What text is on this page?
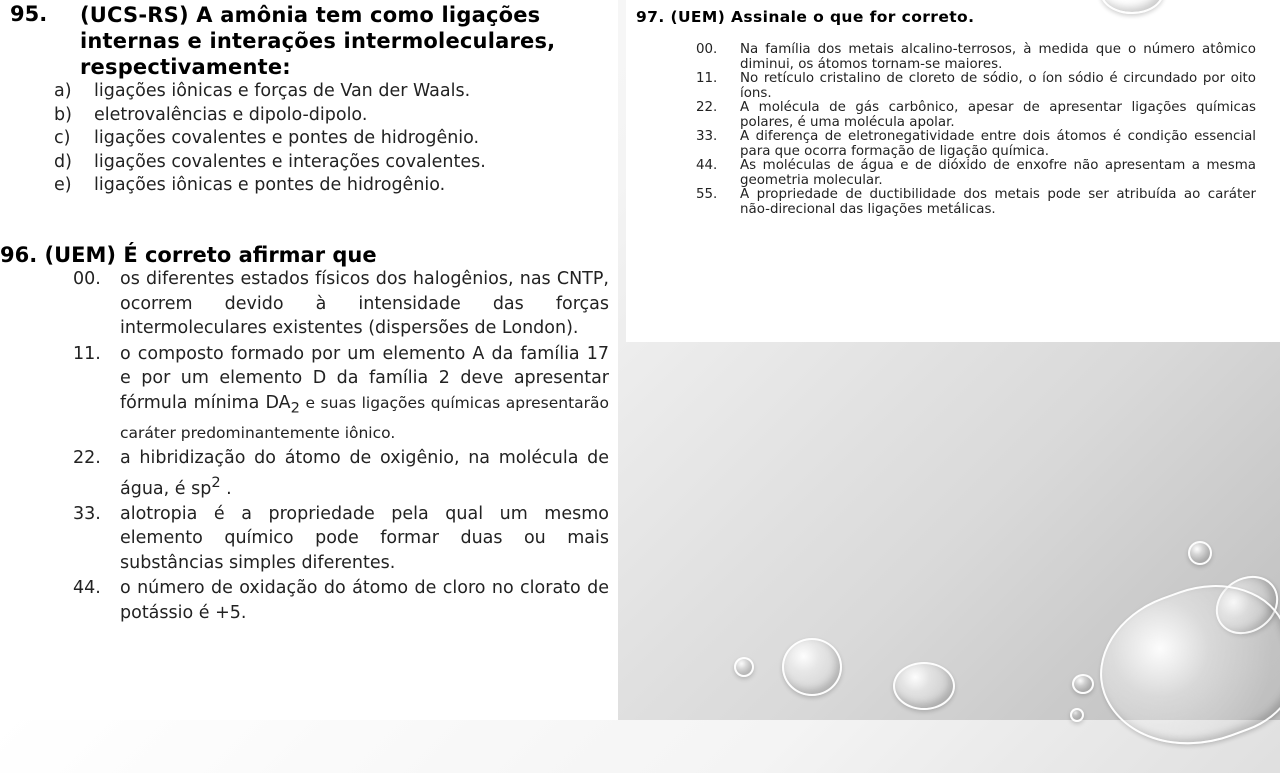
95. (UCS-RS) A amônia tem como ligações internas e interações intermoleculares, respectivamente:
a) ligações iônicas e forças de Van der Waals.
b) eletrovalências e dipolo-dipolo.
c) ligações covalentes e pontes de hidrogênio.
d) ligações covalentes e interações covalentes.
e) ligações iônicas e pontes de hidrogênio.
96. (UEM) É correto afirmar que
00. os diferentes estados físicos dos halogênios, nas CNTP, ocorrem devido à intensidade das forças intermoleculares existentes (dispersões de London).
11. o composto formado por um elemento A da família 17 e por um elemento D da família 2 deve apresentar fórmula mínima $DA_2$ e suas ligações químicas apresentarão caráter predominantemente iônico.
22. a hibridização do átomo de oxigênio, na molécula de água, é $sp^2$ .
33. alotropia é a propriedade pela qual um mesmo elemento químico pode formar duas ou mais substâncias simples diferentes.
44. o número de oxidação do átomo de cloro no clorato de potássio é +5.
97. (UEM) Assinale o que for correto.
00. Na família dos metais alcalino-terrosos, à medida que o número atômico diminui, os átomos tornam-se maiores.
11. No retículo cristalino de cloreto de sódio, o íon sódio é circundado por oito íons.
22. A molécula de gás carbônico, apesar de apresentar ligações químicas polares, é uma molécula apolar.
33. A diferença de eletronegatividade entre dois átomos é condição essencial para que ocorra formação de ligação química.
44. As moléculas de água e de dióxido de enxofre não apresentam a mesma geometria molecular.
55. A propriedade de ductibilidade dos metais pode ser atribuída ao caráter não-direcional das ligações metálicas.
